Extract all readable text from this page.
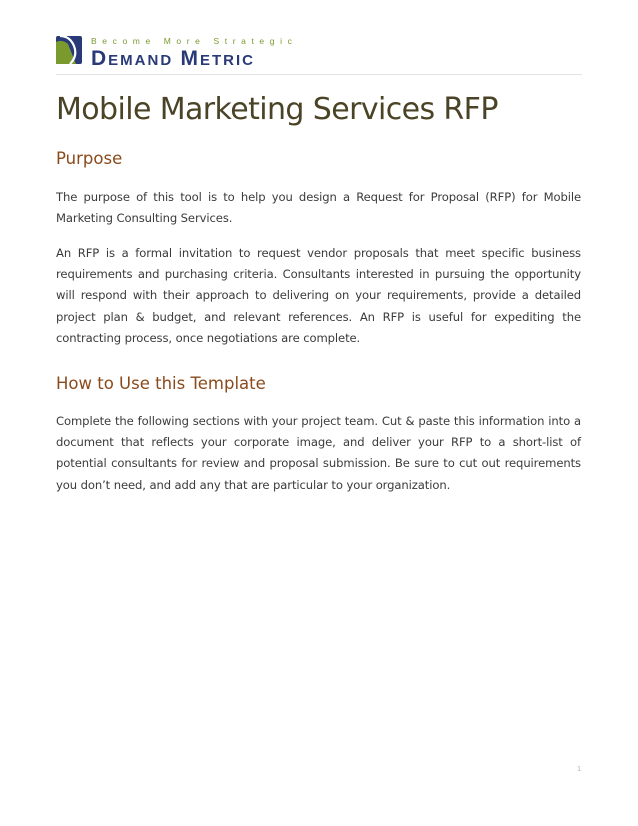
Become More Strategic
DEMAND METRIC
Mobile Marketing Services RFP
Purpose

The purpose of this tool is to help you design a Request for Proposal (RFP) for Mobile Marketing Consulting Services.

An RFP is a formal invitation to request vendor proposals that meet specific business requirements and purchasing criteria. Consultants interested in pursuing the opportunity will respond with their approach to delivering on your requirements, provide a detailed project plan & budget, and relevant references. An RFP is useful for expediting the contracting process, once negotiations are complete.

How to Use this Template

Complete the following sections with your project team. Cut & paste this information into a document that reflects your corporate image, and deliver your RFP to a short-list of potential consultants for review and proposal submission. Be sure to cut out requirements you don’t need, and add any that are particular to your organization.

1
